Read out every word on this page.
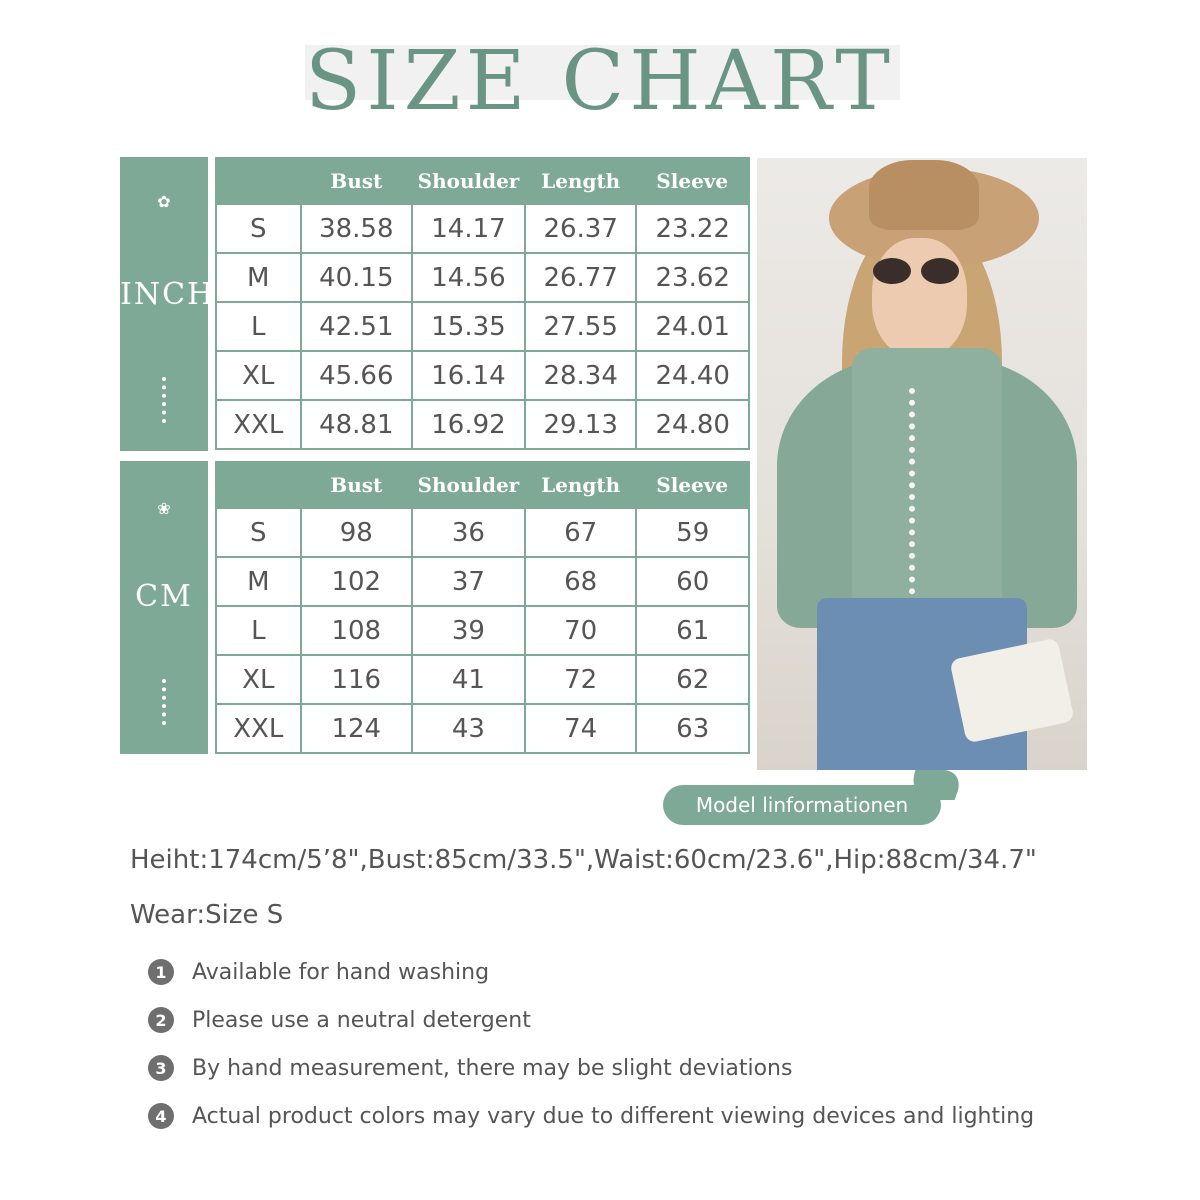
SIZE CHART
✿
INCH
	Bust	Shoulder	Length	Sleeve
S	38.58	14.17	26.37	23.22
M	40.15	14.56	26.77	23.62
L	42.51	15.35	27.55	24.01
XL	45.66	16.14	28.34	24.40
XXL	48.81	16.92	29.13	24.80
❀
CM
	Bust	Shoulder	Length	Sleeve
S	98	36	67	59
M	102	37	68	60
L	108	39	70	61
XL	116	41	72	62
XXL	124	43	74	63
Model linformationen
Heiht:174cm/5’8",Bust:85cm/33.5",Waist:60cm/23.6",Hip:88cm/34.7"
Wear:Size S
1	Available for hand washing
2	Please use a neutral detergent
3	By hand measurement, there may be slight deviations
4	Actual product colors may vary due to different viewing devices and lighting
